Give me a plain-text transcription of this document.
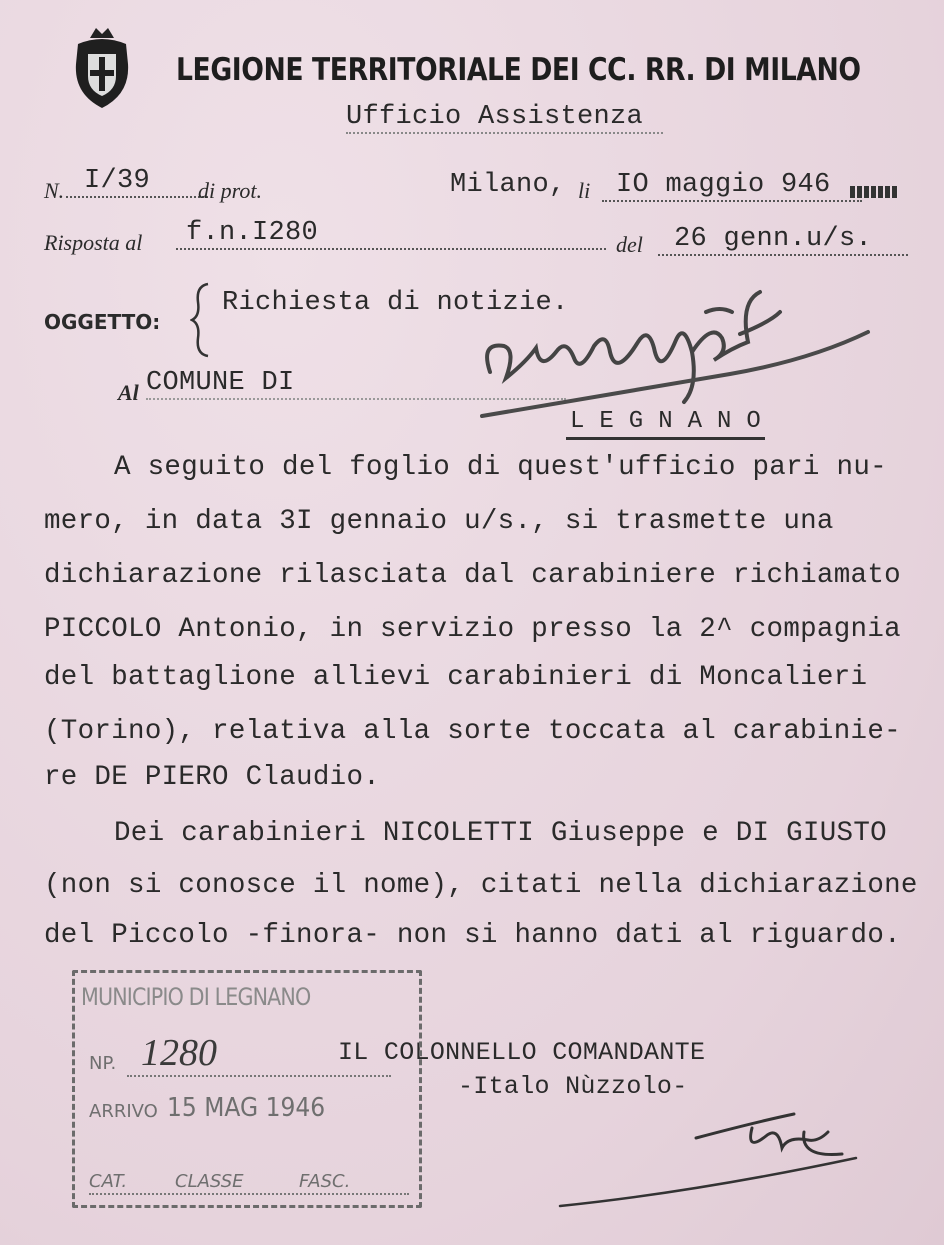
LEGIONE TERRITORIALE DEI CC. RR. DI MILANO
Ufficio Assistenza
N. I/39	di prot.	Milano, li IO maggio 946
Risposta al	f.n.I280	del	26 genn.u/s.
OGGETTO:
Richiesta di notizie.
Al COMUNE DI
L E G N A N O
A seguito del foglio di quest'ufficio pari nu-
mero, in data 3I gennaio u/s., si trasmette una
dichiarazione rilasciata dal carabiniere richiamato
PICCOLO Antonio, in servizio presso la 2^ compagnia
del battaglione allievi carabinieri di Moncalieri
(Torino), relativa alla sorte toccata al carabinie-
re DE PIERO Claudio.
Dei carabinieri NICOLETTI Giuseppe e DI GIUSTO
(non si conosce il nome), citati nella dichiarazione
del Piccolo -finora- non si hanno dati al riguardo.
IL COLONNELLO COMANDANTE
-Italo Nùzzolo-
MUNICIPIO DI LEGNANO
NP. 1280
ARRIVO 15 MAG 1946
CAT.	CLASSE	FASC.
